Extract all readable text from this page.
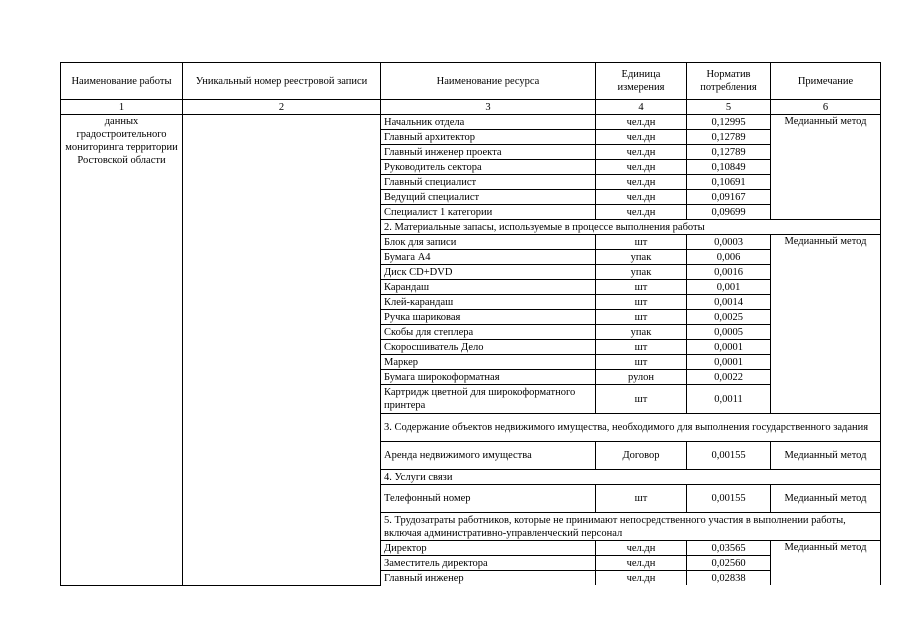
Наименование работы	Уникальный номер реестровой записи	Наименование ресурса	Единица измерения	Норматив потребления	Примечание
1	2	3	4	5	6
данных градостроительного мониторинга территории Ростовской области		Начальник отдела	чел.дн	0,12995	Медианный метод
		Главный архитектор	чел.дн	0,12789	
		Главный инженер проекта	чел.дн	0,12789	
		Руководитель сектора	чел.дн	0,10849	
		Главный специалист	чел.дн	0,10691	
		Ведущий специалист	чел.дн	0,09167	
		Специалист 1 категории	чел.дн	0,09699	
		2. Материальные запасы, используемые в процессе выполнения работы			
		Блок для записи	шт	0,0003	Медианный метод
		Бумага А4	упак	0,006	
		Диск CD+DVD	упак	0,0016	
		Карандаш	шт	0,001	
		Клей-карандаш	шт	0,0014	
		Ручка шариковая	шт	0,0025	
		Скобы для степлера	упак	0,0005	
		Скоросшиватель Дело	шт	0,0001	
		Маркер	шт	0,0001	
		Бумага широкоформатная	рулон	0,0022	
		Картридж цветной для широкоформатного принтера	шт	0,0011	
		3. Содержание объектов недвижимого имущества, необходимого для выполнения государственного задания			
		Аренда недвижимого имущества	Договор	0,00155	Медианный метод
		4. Услуги связи			
		Телефонный номер	шт	0,00155	Медианный метод
		5. Трудозатраты работников, которые не принимают непосредственного участия в выполнении работы, включая административно-управленческий персонал			
		Директор	чел.дн	0,03565	Медианный метод
		Заместитель директора	чел.дн	0,02560	
		Главный инженер	чел.дн	0,02838	
